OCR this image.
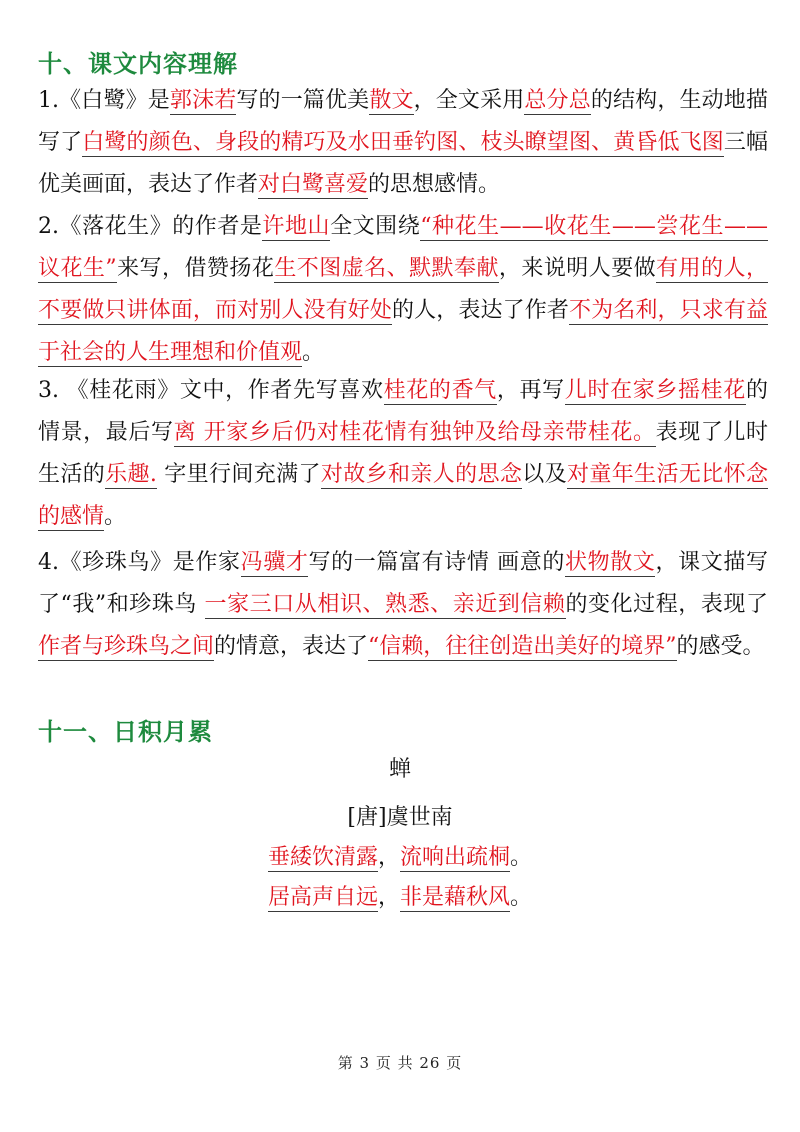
十、课文内容理解
1.《白鹭》是郭沫若写的一篇优美散文，全文采用总分总的结构，生动地描写了白鹭的颜色、身段的精巧及水田垂钓图、枝头瞭望图、黄昏低飞图三幅优美画面，表达了作者对白鹭喜爱的思想感情。
2.《落花生》的作者是许地山全文围绕“种花生——收花生——尝花生——议花生”来写，借赞扬花生不图虚名、默默奉献，来说明人要做有用的人，不要做只讲体面，而对别人没有好处的人，表达了作者不为名利，只求有益于社会的人生理想和价值观。
3. 《桂花雨》文中，作者先写喜欢桂花的香气，再写儿时在家乡摇桂花的情景，最后写离 开家乡后仍对桂花情有独钟及给母亲带桂花。表现了儿时生活的乐趣. 字里行间充满了对故乡和亲人的思念以及对童年生活无比怀念的感情。
4.《珍珠鸟》是作家冯骥才写的一篇富有诗情 画意的状物散文，课文描写了“我”和珍珠鸟 一家三口从相识、熟悉、亲近到信赖的变化过程，表现了作者与珍珠鸟之间的情意，表达了“信赖，往往创造出美好的境界”的感受。
十一、日积月累
蝉
[唐]虞世南
垂緌饮清露，流响出疏桐。
居高声自远，非是藉秋风。
第 3 页 共 26 页
